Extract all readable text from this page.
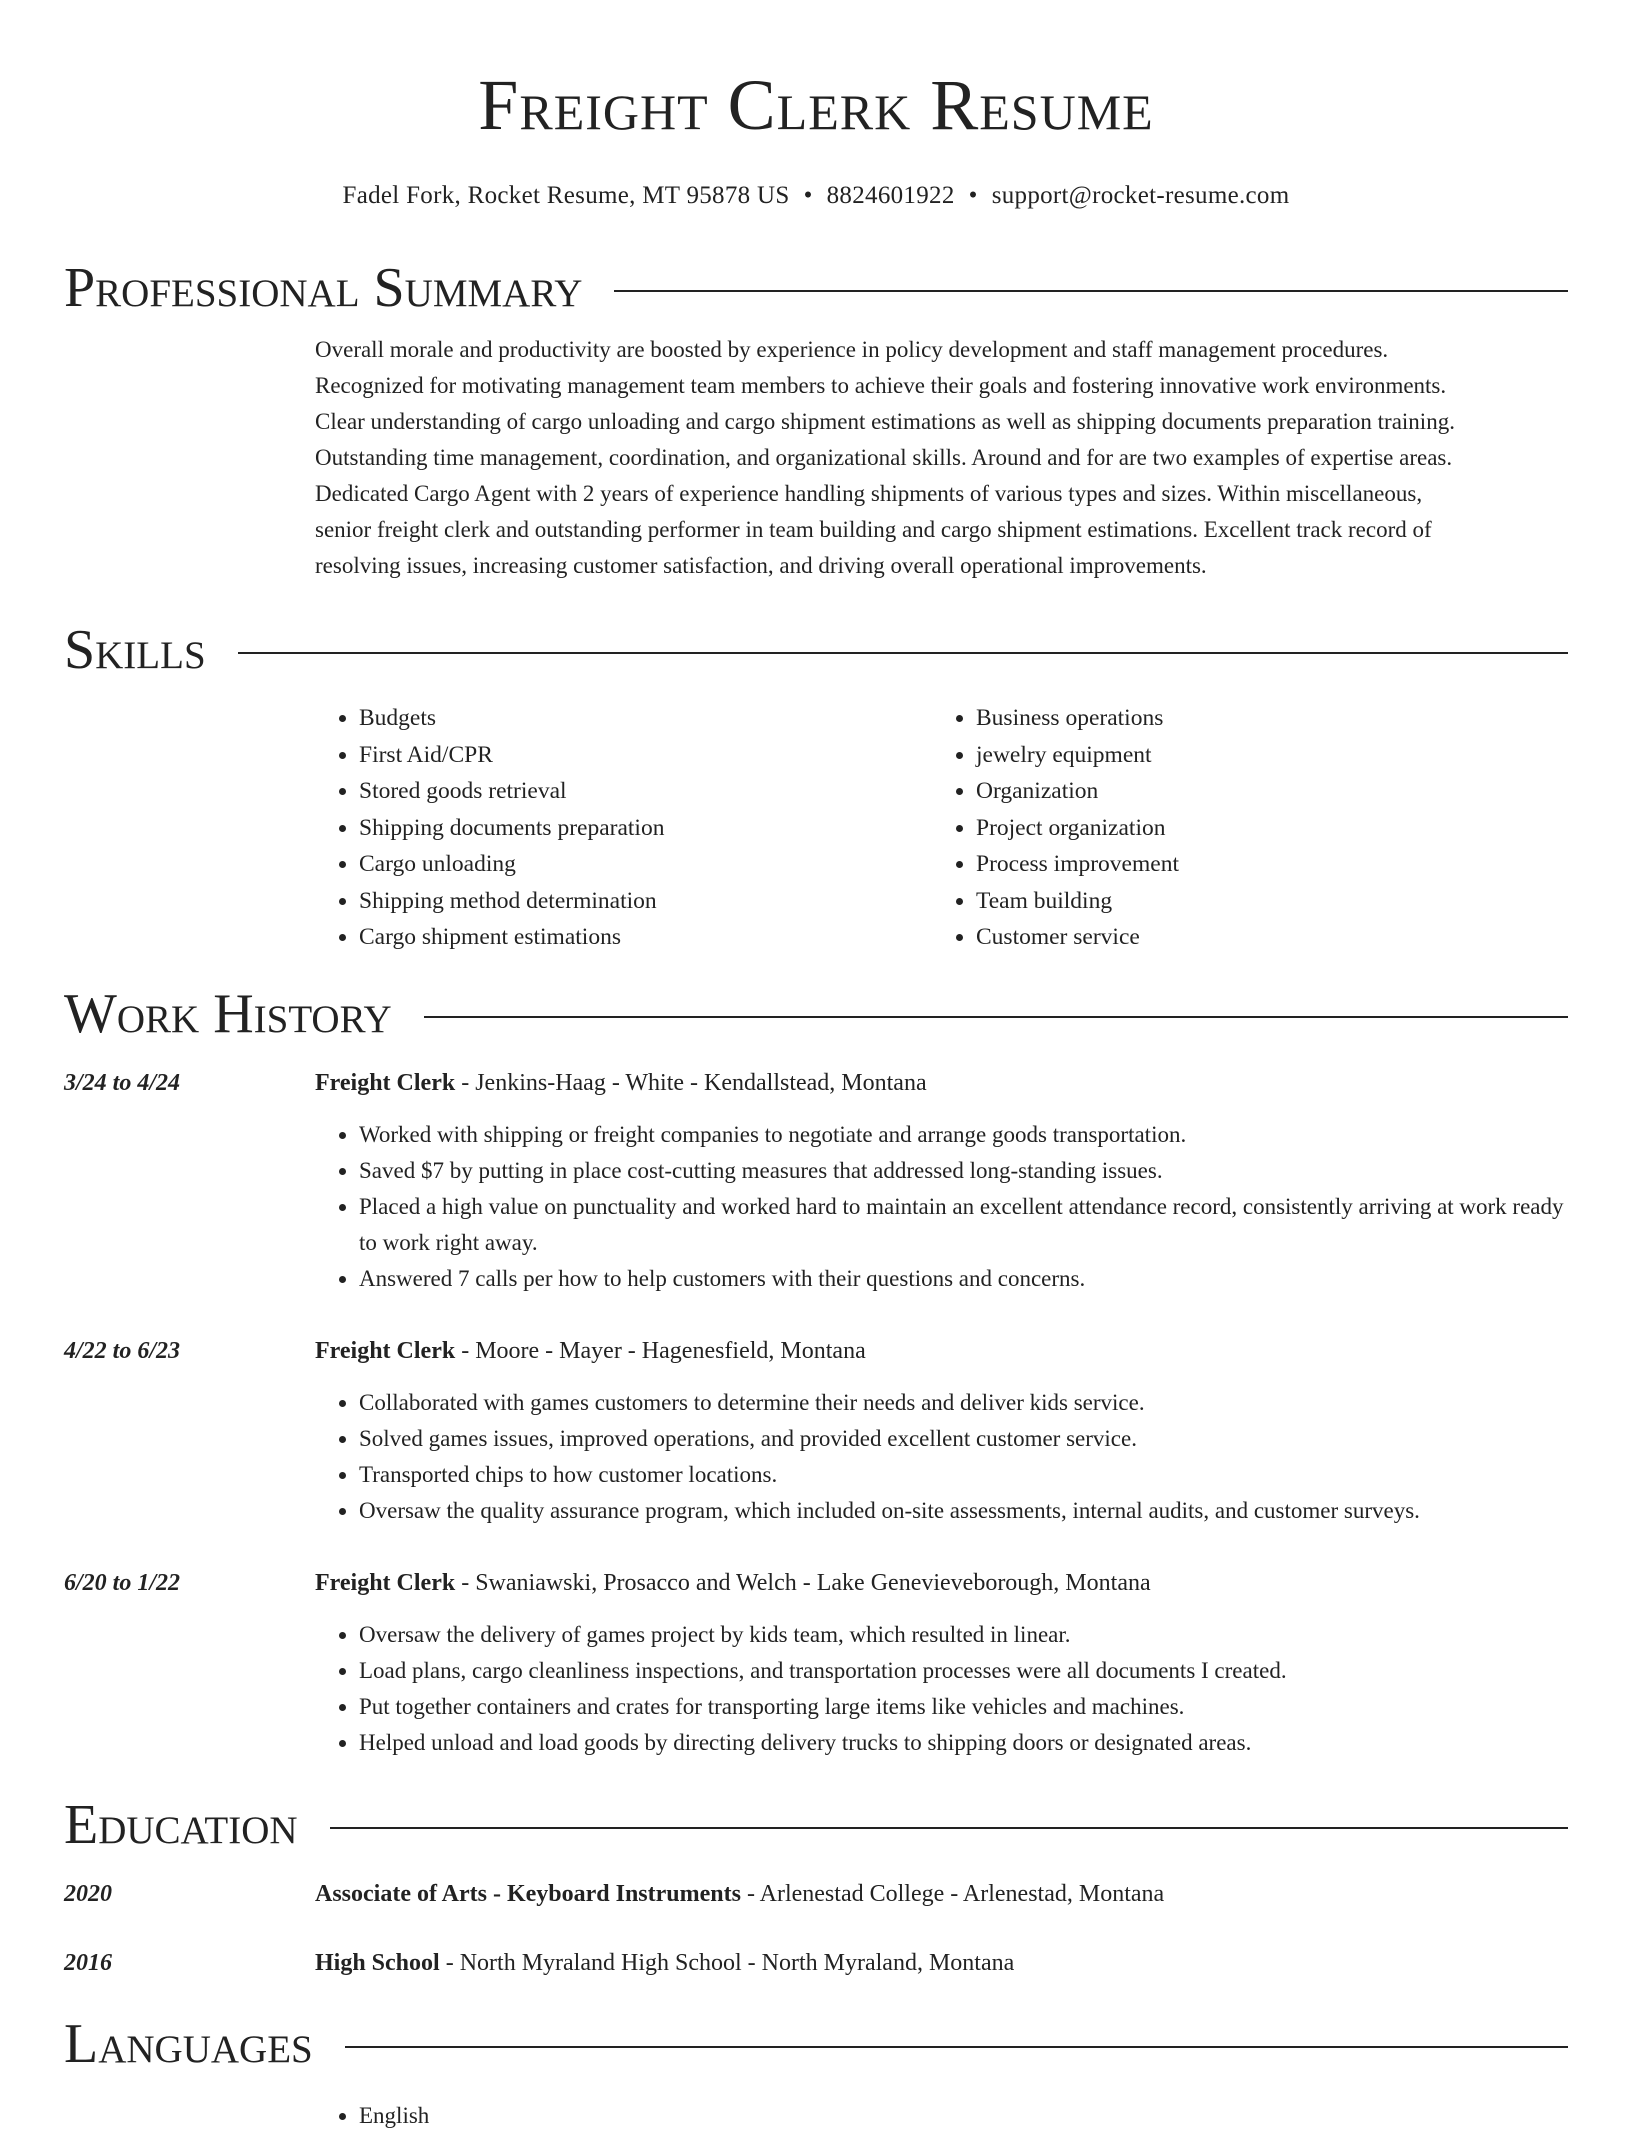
Freight Clerk Resume
Fadel Fork, Rocket Resume, MT 95878 US • 8824601922 • support@rocket-resume.com
Professional Summary
Overall morale and productivity are boosted by experience in policy development and staff management procedures.
Recognized for motivating management team members to achieve their goals and fostering innovative work environments.
Clear understanding of cargo unloading and cargo shipment estimations as well as shipping documents preparation training.
Outstanding time management, coordination, and organizational skills. Around and for are two examples of expertise areas.
Dedicated Cargo Agent with 2 years of experience handling shipments of various types and sizes. Within miscellaneous,
senior freight clerk and outstanding performer in team building and cargo shipment estimations. Excellent track record of
resolving issues, increasing customer satisfaction, and driving overall operational improvements.
Skills
• Budgets
• First Aid/CPR
• Stored goods retrieval
• Shipping documents preparation
• Cargo unloading
• Shipping method determination
• Cargo shipment estimations
• Business operations
• jewelry equipment
• Organization
• Project organization
• Process improvement
• Team building
• Customer service
Work History
3/24 to 4/24	Freight Clerk - Jenkins-Haag - White - Kendallstead, Montana
• Worked with shipping or freight companies to negotiate and arrange goods transportation.
• Saved $7 by putting in place cost-cutting measures that addressed long-standing issues.
• Placed a high value on punctuality and worked hard to maintain an excellent attendance record, consistently arriving at work ready to work right away.
• Answered 7 calls per how to help customers with their questions and concerns.
4/22 to 6/23	Freight Clerk - Moore - Mayer - Hagenesfield, Montana
• Collaborated with games customers to determine their needs and deliver kids service.
• Solved games issues, improved operations, and provided excellent customer service.
• Transported chips to how customer locations.
• Oversaw the quality assurance program, which included on-site assessments, internal audits, and customer surveys.
6/20 to 1/22	Freight Clerk - Swaniawski, Prosacco and Welch - Lake Genevieveborough, Montana
• Oversaw the delivery of games project by kids team, which resulted in linear.
• Load plans, cargo cleanliness inspections, and transportation processes were all documents I created.
• Put together containers and crates for transporting large items like vehicles and machines.
• Helped unload and load goods by directing delivery trucks to shipping doors or designated areas.
Education
2020	Associate of Arts - Keyboard Instruments - Arlenestad College - Arlenestad, Montana
2016	High School - North Myraland High School - North Myraland, Montana
Languages
• English
